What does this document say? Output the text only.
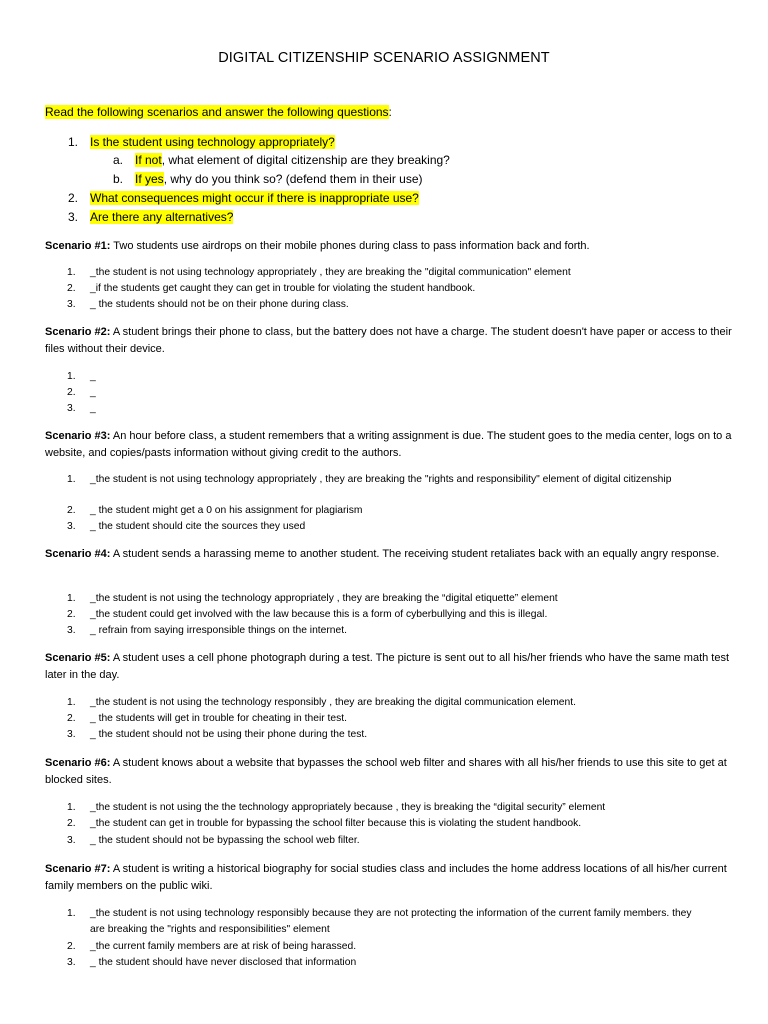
DIGITAL CITIZENSHIP SCENARIO ASSIGNMENT
Read the following scenarios and answer the following questions:
1. Is the student using technology appropriately?
a. If not, what element of digital citizenship are they breaking?
b. If yes, why do you think so? (defend them in their use)
2. What consequences might occur if there is inappropriate use?
3. Are there any alternatives?
Scenario #1: Two students use airdrops on their mobile phones during class to pass information back and forth.
1. _the student is not using technology appropriately , they are breaking the "digital communication" element
2. _if the students get caught they can get in trouble for violating the student handbook.
3. _ the students should not be on their phone during class.
Scenario #2: A student brings their phone to class, but the battery does not have a charge. The student doesn't have paper or access to their files without their device.
1. _
2. _
3. _
Scenario #3: An hour before class, a student remembers that a writing assignment is due. The student goes to the media center, logs on to a website, and copies/pasts information without giving credit to the authors.
1. _the student is not using technology appropriately , they are breaking the "rights and responsibility" element of digital citizenship
2. _ the student might get a 0 on his assignment for plagiarism
3. _ the student should cite the sources they used
Scenario #4: A student sends a harassing meme to another student. The receiving student retaliates back with an equally angry response.
1. _the student is not using the technology appropriately , they are breaking the “digital etiquette” element
2. _the student could get involved with the law because this is a form of cyberbullying and this is illegal.
3. _ refrain from saying irresponsible things on the internet.
Scenario #5: A student uses a cell phone photograph during a test. The picture is sent out to all his/her friends who have the same math test later in the day.
1. _the student is not using the technology responsibly , they are breaking the digital communication element.
2. _ the students will get in trouble for cheating in their test.
3. _ the student should not be using their phone during the test.
Scenario #6: A student knows about a website that bypasses the school web filter and shares with all his/her friends to use this site to get at blocked sites.
1. _the student is not using the the technology appropriately because , they is breaking the “digital security” element
2. _the student can get in trouble for bypassing the school filter because this is violating the student handbook.
3. _ the student should not be bypassing the school web filter.
Scenario #7: A student is writing a historical biography for social studies class and includes the home address locations of all his/her current family members on the public wiki.
1. _the student is not using technology responsibly because they are not protecting the information of the current family members. they are breaking the "rights and responsibilities" element
2. _the current family members are at risk of being harassed.
3. _ the student should have never disclosed that information
